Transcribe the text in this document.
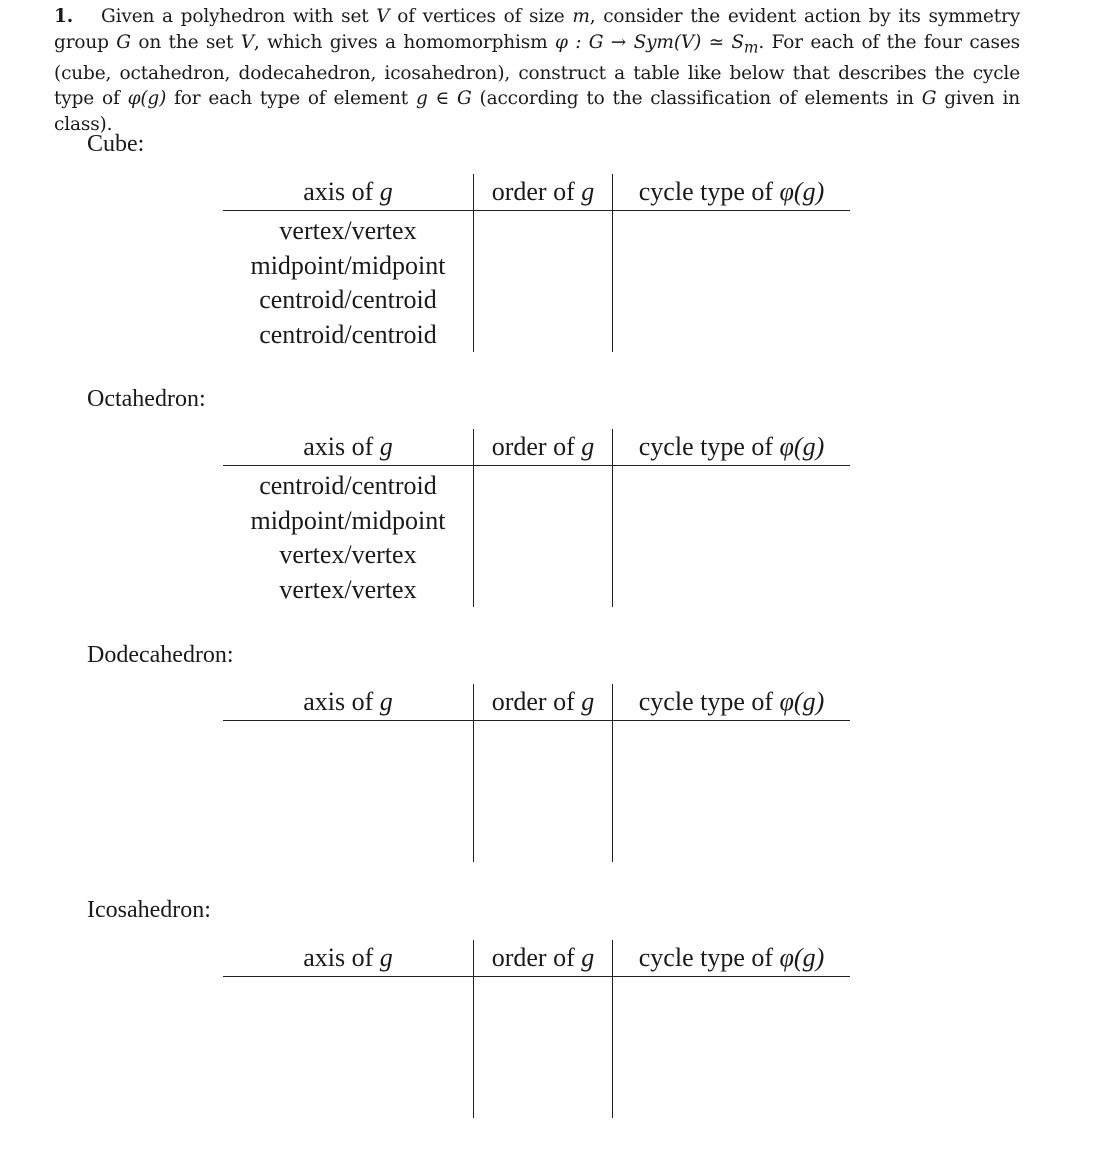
1. Given a polyhedron with set V of vertices of size m, consider the evident action by its symmetry group G on the set V, which gives a homomorphism φ : G → Sym(V) ≃ $S_m$. For each of the four cases (cube, octahedron, dodecahedron, icosahedron), construct a table like below that describes the cycle type of φ(g) for each type of element g ∈ G (according to the classification of elements in G given in class).
Cube:
axis of g	order of g	cycle type of φ(g)
vertex/vertex		
midpoint/midpoint		
centroid/centroid		
centroid/centroid		
Octahedron:
axis of g	order of g	cycle type of φ(g)
centroid/centroid		
midpoint/midpoint		
vertex/vertex		
vertex/vertex		
Dodecahedron:
axis of g	order of g	cycle type of φ(g)

Icosahedron:
axis of g	order of g	cycle type of φ(g)
